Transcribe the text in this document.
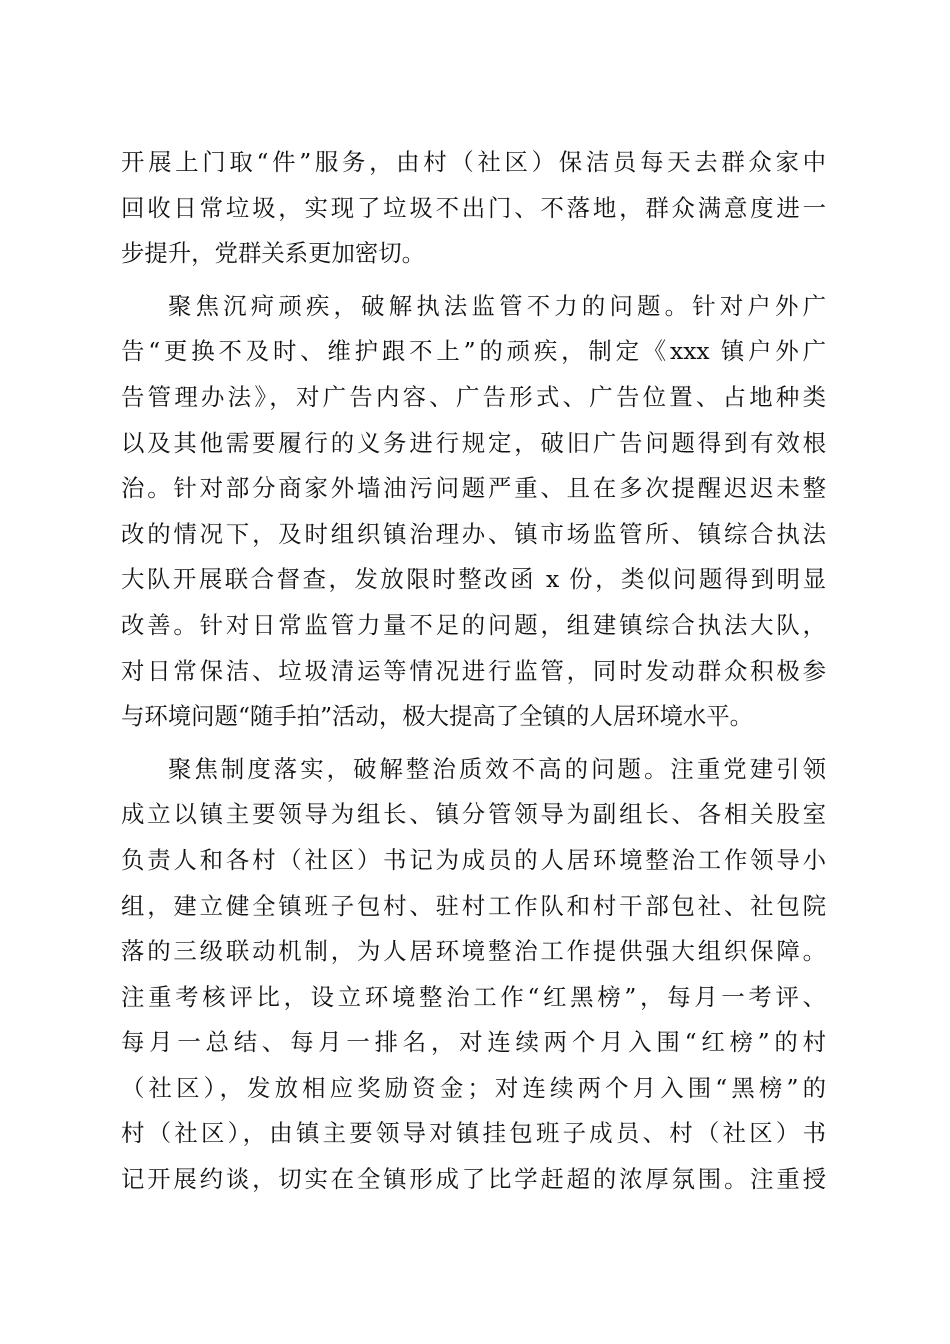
开展上门取“件”服务，由村（社区）保洁员每天去群众家中
回收日常垃圾，实现了垃圾不出门、不落地，群众满意度进一
步提升，党群关系更加密切。
聚焦沉疴顽疾，破解执法监管不力的问题。针对户外广
告“更换不及时、维护跟不上”的顽疾，制定《xxx 镇户外广
告管理办法》，对广告内容、广告形式、广告位置、占地种类
以及其他需要履行的义务进行规定，破旧广告问题得到有效根
治。针对部分商家外墙油污问题严重、且在多次提醒迟迟未整
改的情况下，及时组织镇治理办、镇市场监管所、镇综合执法
大队开展联合督查，发放限时整改函 x 份，类似问题得到明显
改善。针对日常监管力量不足的问题，组建镇综合执法大队，
对日常保洁、垃圾清运等情况进行监管，同时发动群众积极参
与环境问题“随手拍”活动，极大提高了全镇的人居环境水平。
聚焦制度落实，破解整治质效不高的问题。注重党建引领
成立以镇主要领导为组长、镇分管领导为副组长、各相关股室
负责人和各村（社区）书记为成员的人居环境整治工作领导小
组，建立健全镇班子包村、驻村工作队和村干部包社、社包院
落的三级联动机制，为人居环境整治工作提供强大组织保障。
注重考核评比，设立环境整治工作“红黑榜”，每月一考评、
每月一总结、每月一排名，对连续两个月入围“红榜”的村
（社区），发放相应奖励资金；对连续两个月入围“黑榜”的
村（社区），由镇主要领导对镇挂包班子成员、村（社区）书
记开展约谈，切实在全镇形成了比学赶超的浓厚氛围。注重授
